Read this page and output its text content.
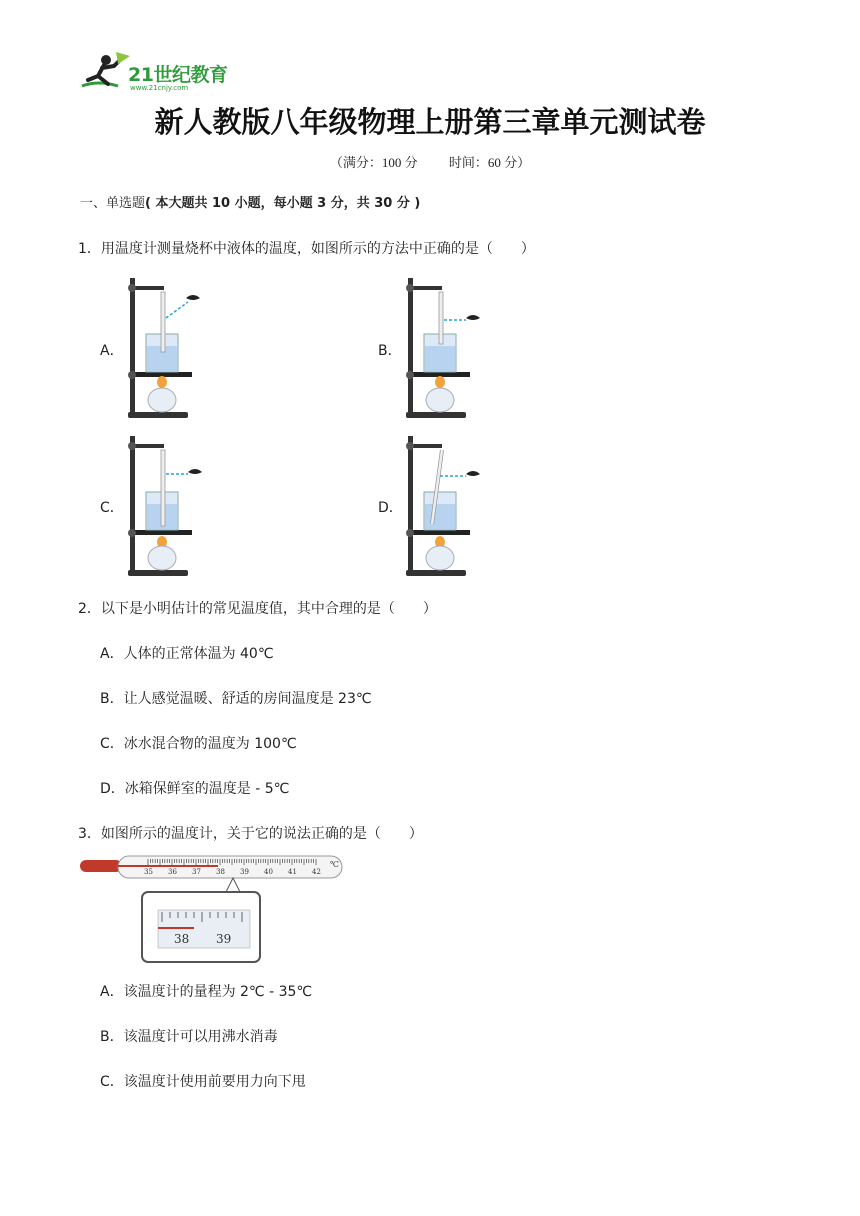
21世纪教育
www.21cnjy.com
新人教版八年级物理上册第三章单元测试卷
（满分：100 分 时间：60 分）
一、单选题( 本大题共 10 小题，每小题 3 分，共 30 分 )
1．用温度计测量烧杯中液体的温度，如图所示的方法中正确的是（　　）
A．	B．
C．	D．
2．以下是小明估计的常见温度值，其中合理的是（　　）
A．人体的正常体温为 40℃
B．让人感觉温暖、舒适的房间温度是 23℃
C．冰水混合物的温度为 100℃
D．冰箱保鲜室的温度是 - 5℃
3．如图所示的温度计，关于它的说法正确的是（　　）
35 36 37 38 39 40 41 42
℃
38 39
A．该温度计的量程为 2℃ - 35℃
B．该温度计可以用沸水消毒
C．该温度计使用前要用力向下甩
